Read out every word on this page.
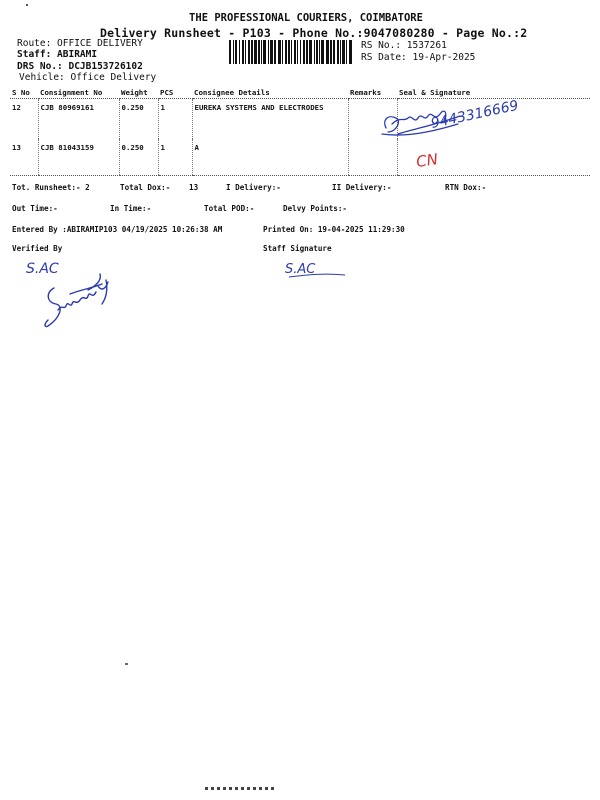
THE PROFESSIONAL COURIERS, COIMBATORE
Delivery Runsheet - P103 - Phone No.:9047080280 - Page No.:2
Route: OFFICE DELIVERY
Staff: ABIRAMI
DRS No.: DCJB153726102
Vehicle: Office Delivery
RS No.: 1537261
RS Date: 19-Apr-2025
S No	Consignment No	Weight	PCS	Consignee Details	Remarks	Seal & Signature
12	CJB 80969161	0.250	1	EUREKA SYSTEMS AND ELECTRODES		
13	CJB 81043159	0.250	1	A		
9443316669
CN
Tot. Runsheet:- 2	Total Dox:- 13	I Delivery:-	II Delivery:-	RTN Dox:-
Out Time:-	In Time:-	Total POD:-	Delvy Points:-
Entered By :ABIRAMIP103 04/19/2025 10:26:38 AM	Printed On: 19-04-2025 11:29:30
Verified By	Staff Signature
S.AC	S.AC
